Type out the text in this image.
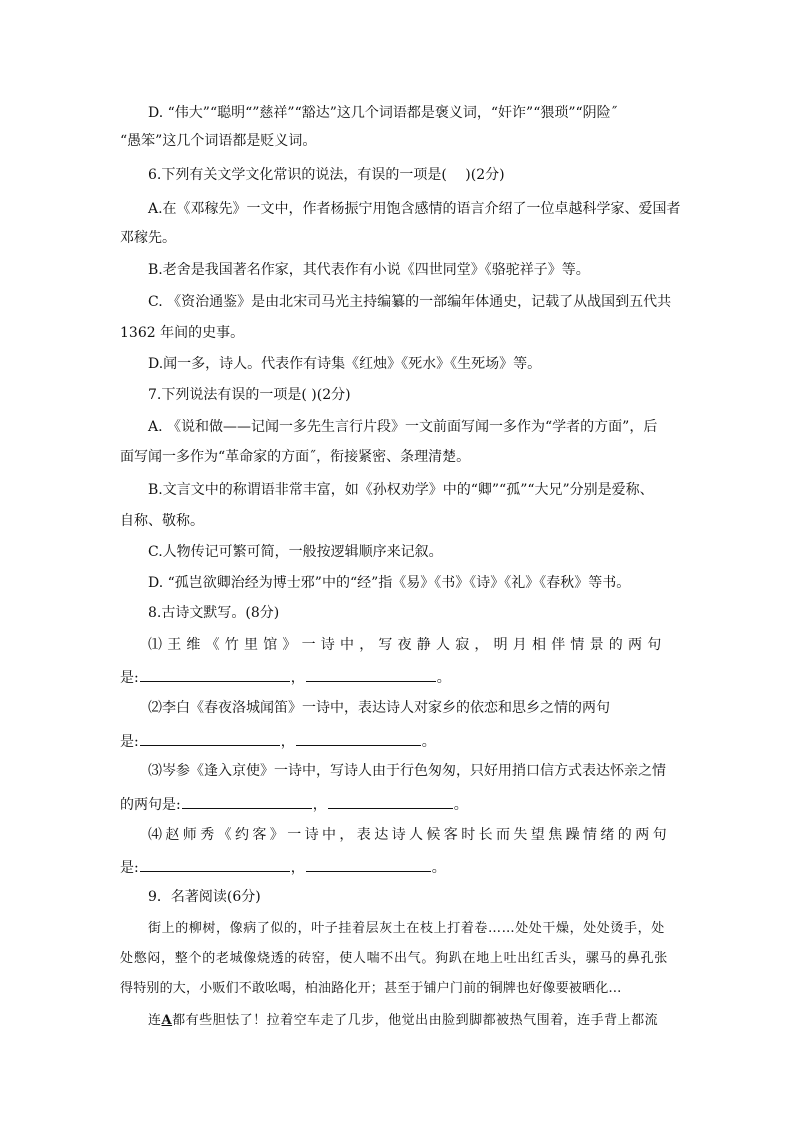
D. “伟大”“聪明“”慈祥”“豁达”这几个词语都是褒义词，“奸诈”“猥琐”“阴险˝
“愚笨”这几个词语都是贬义词。
6.下列有关文学文化常识的说法，有误的一项是(　 )(2分)
A.在《邓稼先》一文中，作者杨振宁用饱含感情的语言介绍了一位卓越科学家、爱国者
邓稼先。
B.老舍是我国著名作家，其代表作有小说《四世同堂》《骆驼祥子》等。
C. 《资治通鉴》是由北宋司马光主持编纂的一部编年体通史，记载了从战国到五代共
1362 年间的史事。
D.闻一多，诗人。代表作有诗集《红烛》《死水》《生死场》等。
7.下列说法有误的一项是( )(2分)
A. 《说和做——记闻一多先生言行片段》一文前面写闻一多作为“学者的方面”，后
面写闻一多作为“革命家的方面˝，衔接紧密、条理清楚。
B.文言文中的称谓语非常丰富，如《孙权劝学》中的“卿”“孤”“大兄”分别是爱称、
自称、敬称。
C.人物传记可繁可简，一般按逻辑顺序来记叙。
D. “孤岂欲卿治经为博士邪”中的“经”指《易》《书》《诗》《礼》《春秋》等书。
8.古诗文默写。(8分)
⑴王维《竹里馆》一诗中，写夜静人寂，明月相伴情景的两句
是:	，	。
⑵李白《春夜洛城闻笛》一诗中，表达诗人对家乡的依恋和思乡之情的两句
是:	，	。
⑶岑参《逢入京使》一诗中，写诗人由于行色匆匆，只好用捎口信方式表达怀亲之情
的两句是:	，	。
⑷赵师秀《约客》一诗中，表达诗人候客时长而失望焦躁情绪的两句
是:	，	。
9．名著阅读(6分)
街上的柳树，像病了似的，叶子挂着层灰土在枝上打着卷……处处干燥，处处烫手，处
处憋闷，整个的老城像烧透的砖窑，使人喘不出气。狗趴在地上吐出红舌头，骡马的鼻孔张
得特别的大，小贩们不敢吆喝，柏油路化开；甚至于铺户门前的铜牌也好像要被晒化…
连A都有些胆怯了！拉着空车走了几步，他觉出由脸到脚都被热气围着，连手背上都流
